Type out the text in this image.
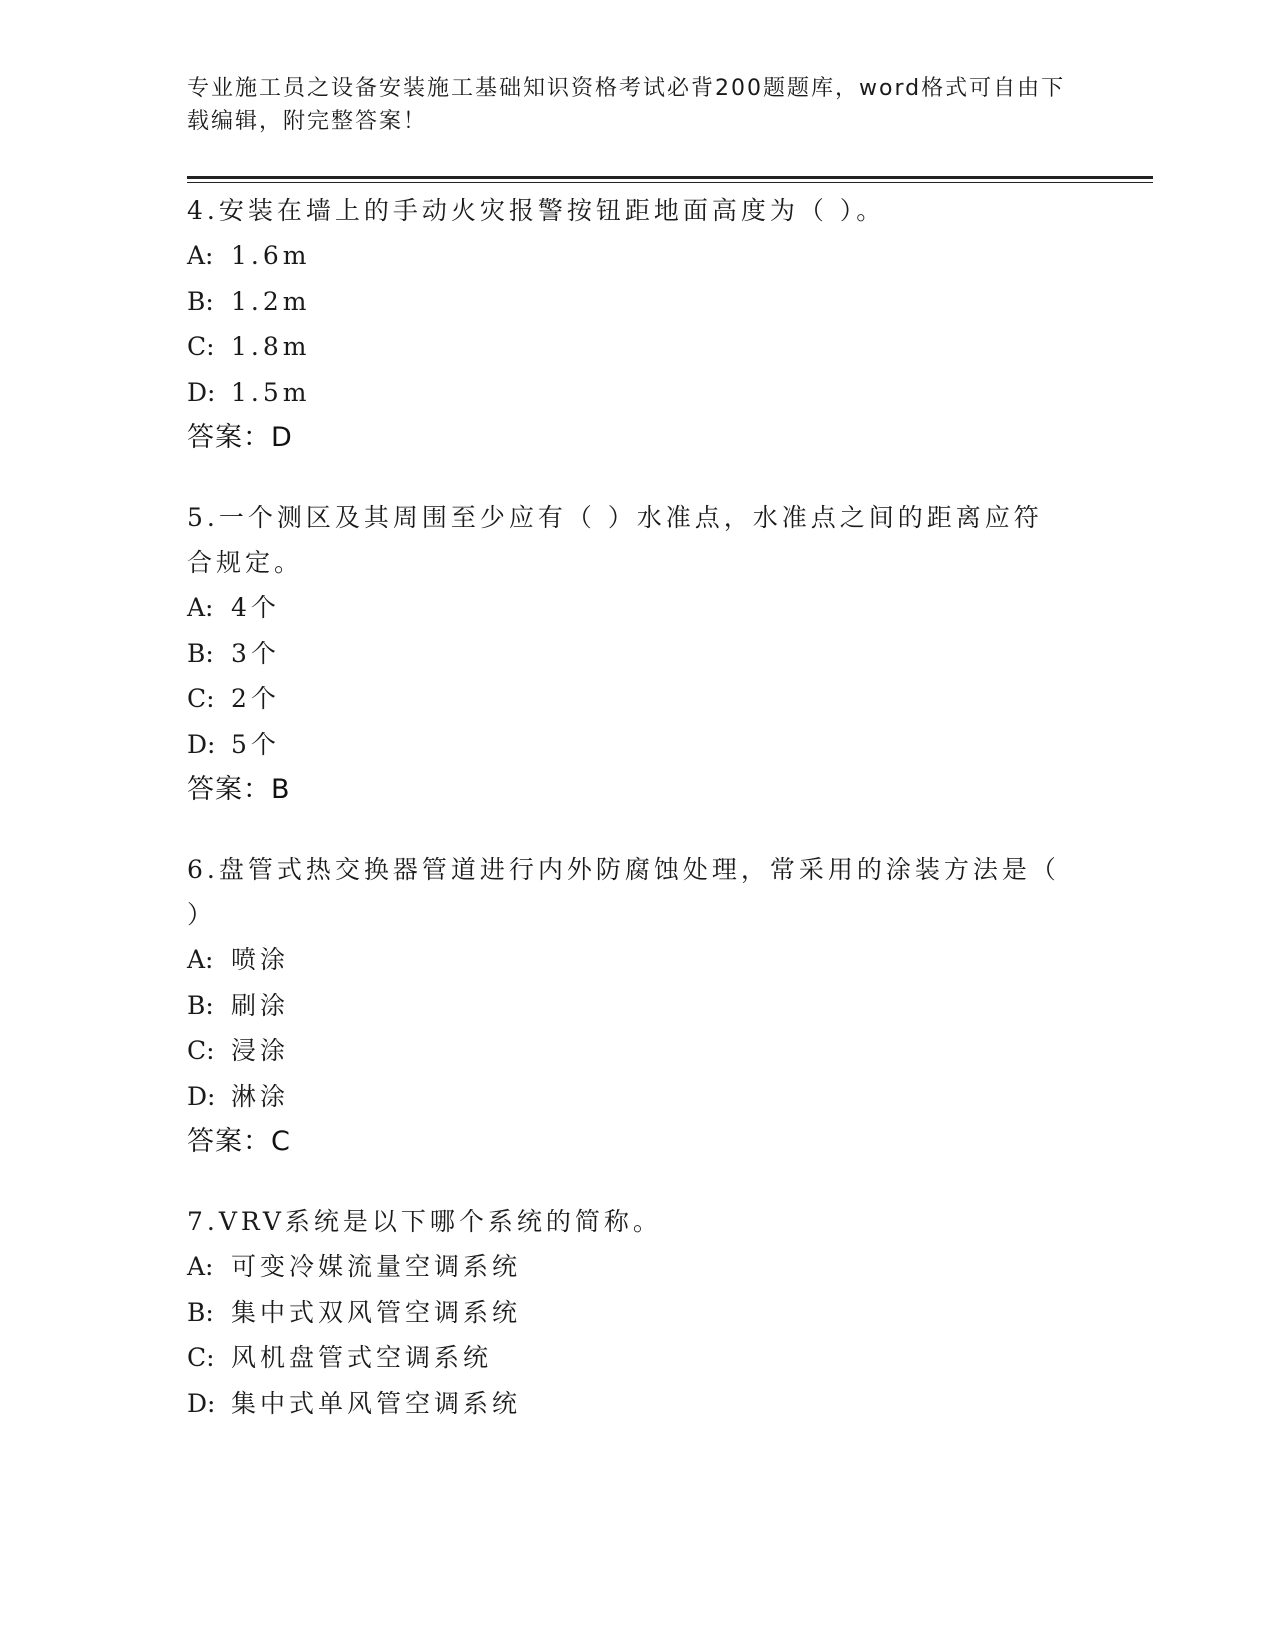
专业施工员之设备安装施工基础知识资格考试必背200题题库，word格式可自由下载编辑，附完整答案！

4.安装在墙上的手动火灾报警按钮距地面高度为（ ）。

A: 1.6m

B: 1.2m

C: 1.8m

D: 1.5m

答案：D

5.一个测区及其周围至少应有（ ）水准点，水准点之间的距离应符合规定。

A: 4个

B: 3个

C: 2个

D: 5个

答案：B

6.盘管式热交换器管道进行内外防腐蚀处理，常采用的涂装方法是（ ）

A: 喷涂

B: 刷涂

C: 浸涂

D: 淋涂

答案：C

7.VRV系统是以下哪个系统的简称。

A: 可变冷媒流量空调系统

B: 集中式双风管空调系统

C: 风机盘管式空调系统

D: 集中式单风管空调系统
